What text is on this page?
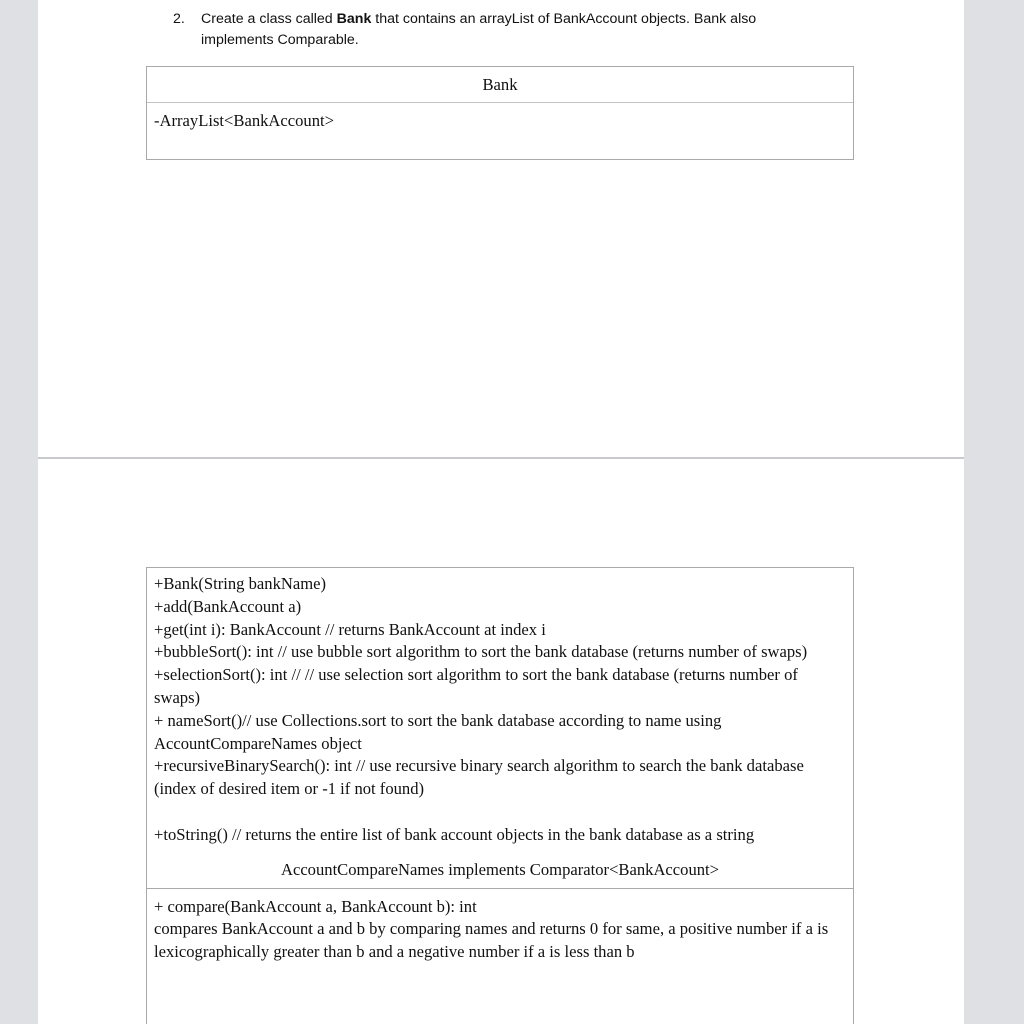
2. Create a class called Bank that contains an arrayList of BankAccount objects. Bank also implements Comparable.
Bank
-ArrayList<BankAccount>
+Bank(String bankName)
+add(BankAccount a)
+get(int i): BankAccount // returns BankAccount at index i
+bubbleSort(): int // use bubble sort algorithm to sort the bank database (returns number of swaps)
+selectionSort(): int // // use selection sort algorithm to sort the bank database (returns number of swaps)
+ nameSort()// use Collections.sort to sort the bank database according to name using AccountCompareNames object
+recursiveBinarySearch(): int // use recursive binary search algorithm to search the bank database (index of desired item or -1 if not found)
+toString() // returns the entire list of bank account objects in the bank database as a string
AccountCompareNames implements Comparator<BankAccount>
+ compare(BankAccount a, BankAccount b): int
compares BankAccount a and b by comparing names and returns 0 for same, a positive number if a is lexicographically greater than b and a negative number if a is less than b
